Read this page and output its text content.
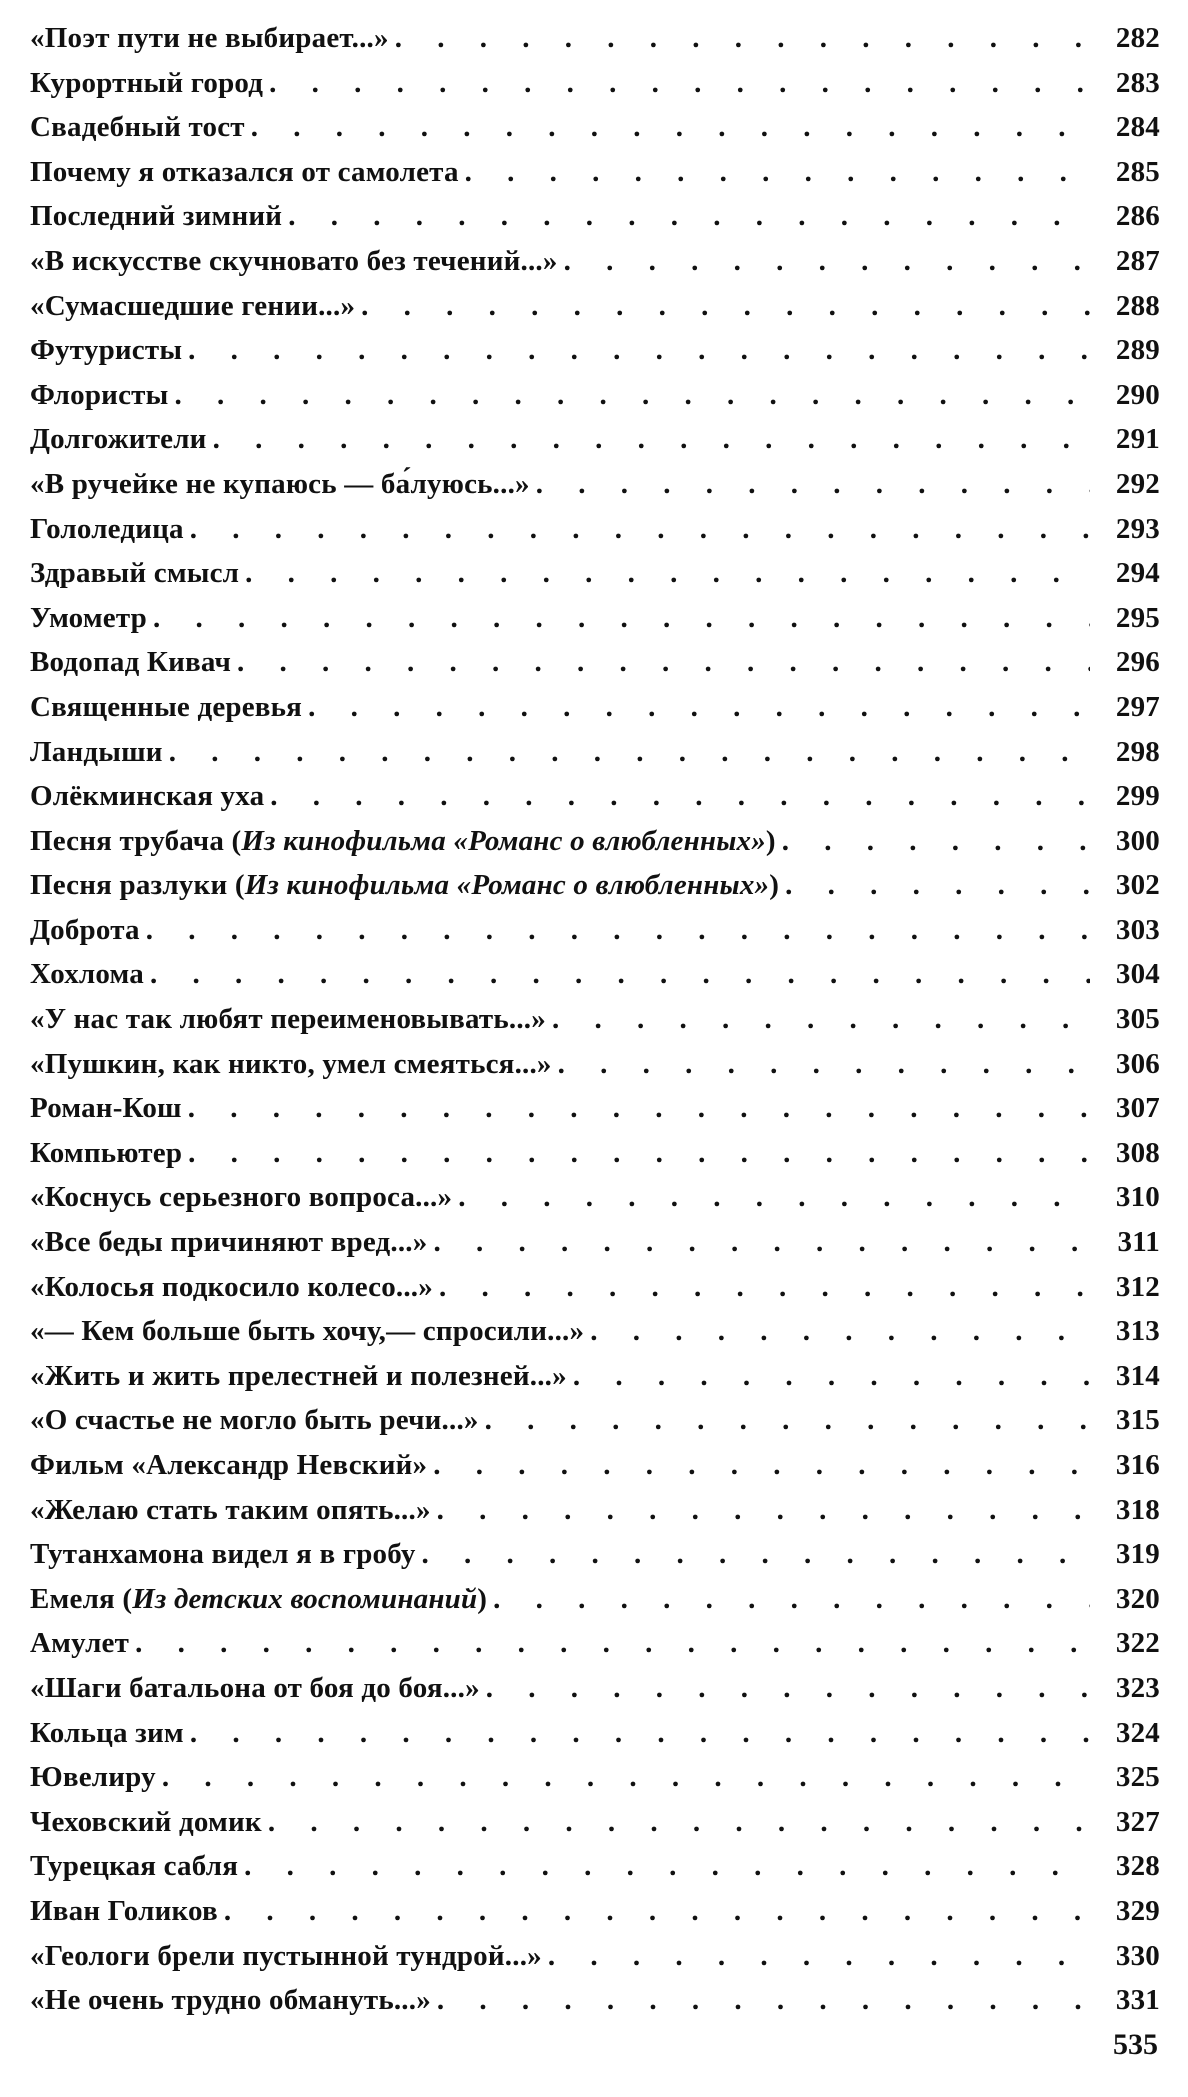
«Поэт пути не выбирает...» . . .	282
Курортный город . . .	283
Свадебный тост . . .	284
Почему я отказался от самолета . . .	285
Последний зимний . . .	286
«В искусстве скучновато без течений...» . . .	287
«Сумасшедшие гении...» . . .	288
Футуристы . . .	289
Флористы . . .	290
Долгожители . . .	291
«В ручейке не купаюсь — ба́луюсь...» . . .	292
Гололедица . . .	293
Здравый смысл . . .	294
Умометр . . .	295
Водопад Кивач . . .	296
Священные деревья . . .	297
Ландыши . . .	298
Олёкминская уха . . .	299
Песня трубача (Из кинофильма «Романс о влюбленных») . . .	300
Песня разлуки (Из кинофильма «Романс о влюбленных») . . .	302
Доброта . . .	303
Хохлома . . .	304
«У нас так любят переименовывать...» . . .	305
«Пушкин, как никто, умел смеяться...» . . .	306
Роман-Кош . . .	307
Компьютер . . .	308
«Коснусь серьезного вопроса...» . . .	310
«Все беды причиняют вред...» . . .	311
«Колосья подкосило колесо...» . . .	312
«— Кем больше быть хочу,— спросили...» . . .	313
«Жить и жить прелестней и полезней...» . . .	314
«О счастье не могло быть речи...» . . .	315
Фильм «Александр Невский» . . .	316
«Желаю стать таким опять...» . . .	318
Тутанхамона видел я в гробу . . .	319
Емеля (Из детских воспоминаний) . . .	320
Амулет . . .	322
«Шаги батальона от боя до боя...» . . .	323
Кольца зим . . .	324
Ювелиру . . .	325
Чеховский домик . . .	327
Турецкая сабля . . .	328
Иван Голиков . . .	329
«Геологи брели пустынной тундрой...» . . .	330
«Не очень трудно обмануть...» . . .	331
535
